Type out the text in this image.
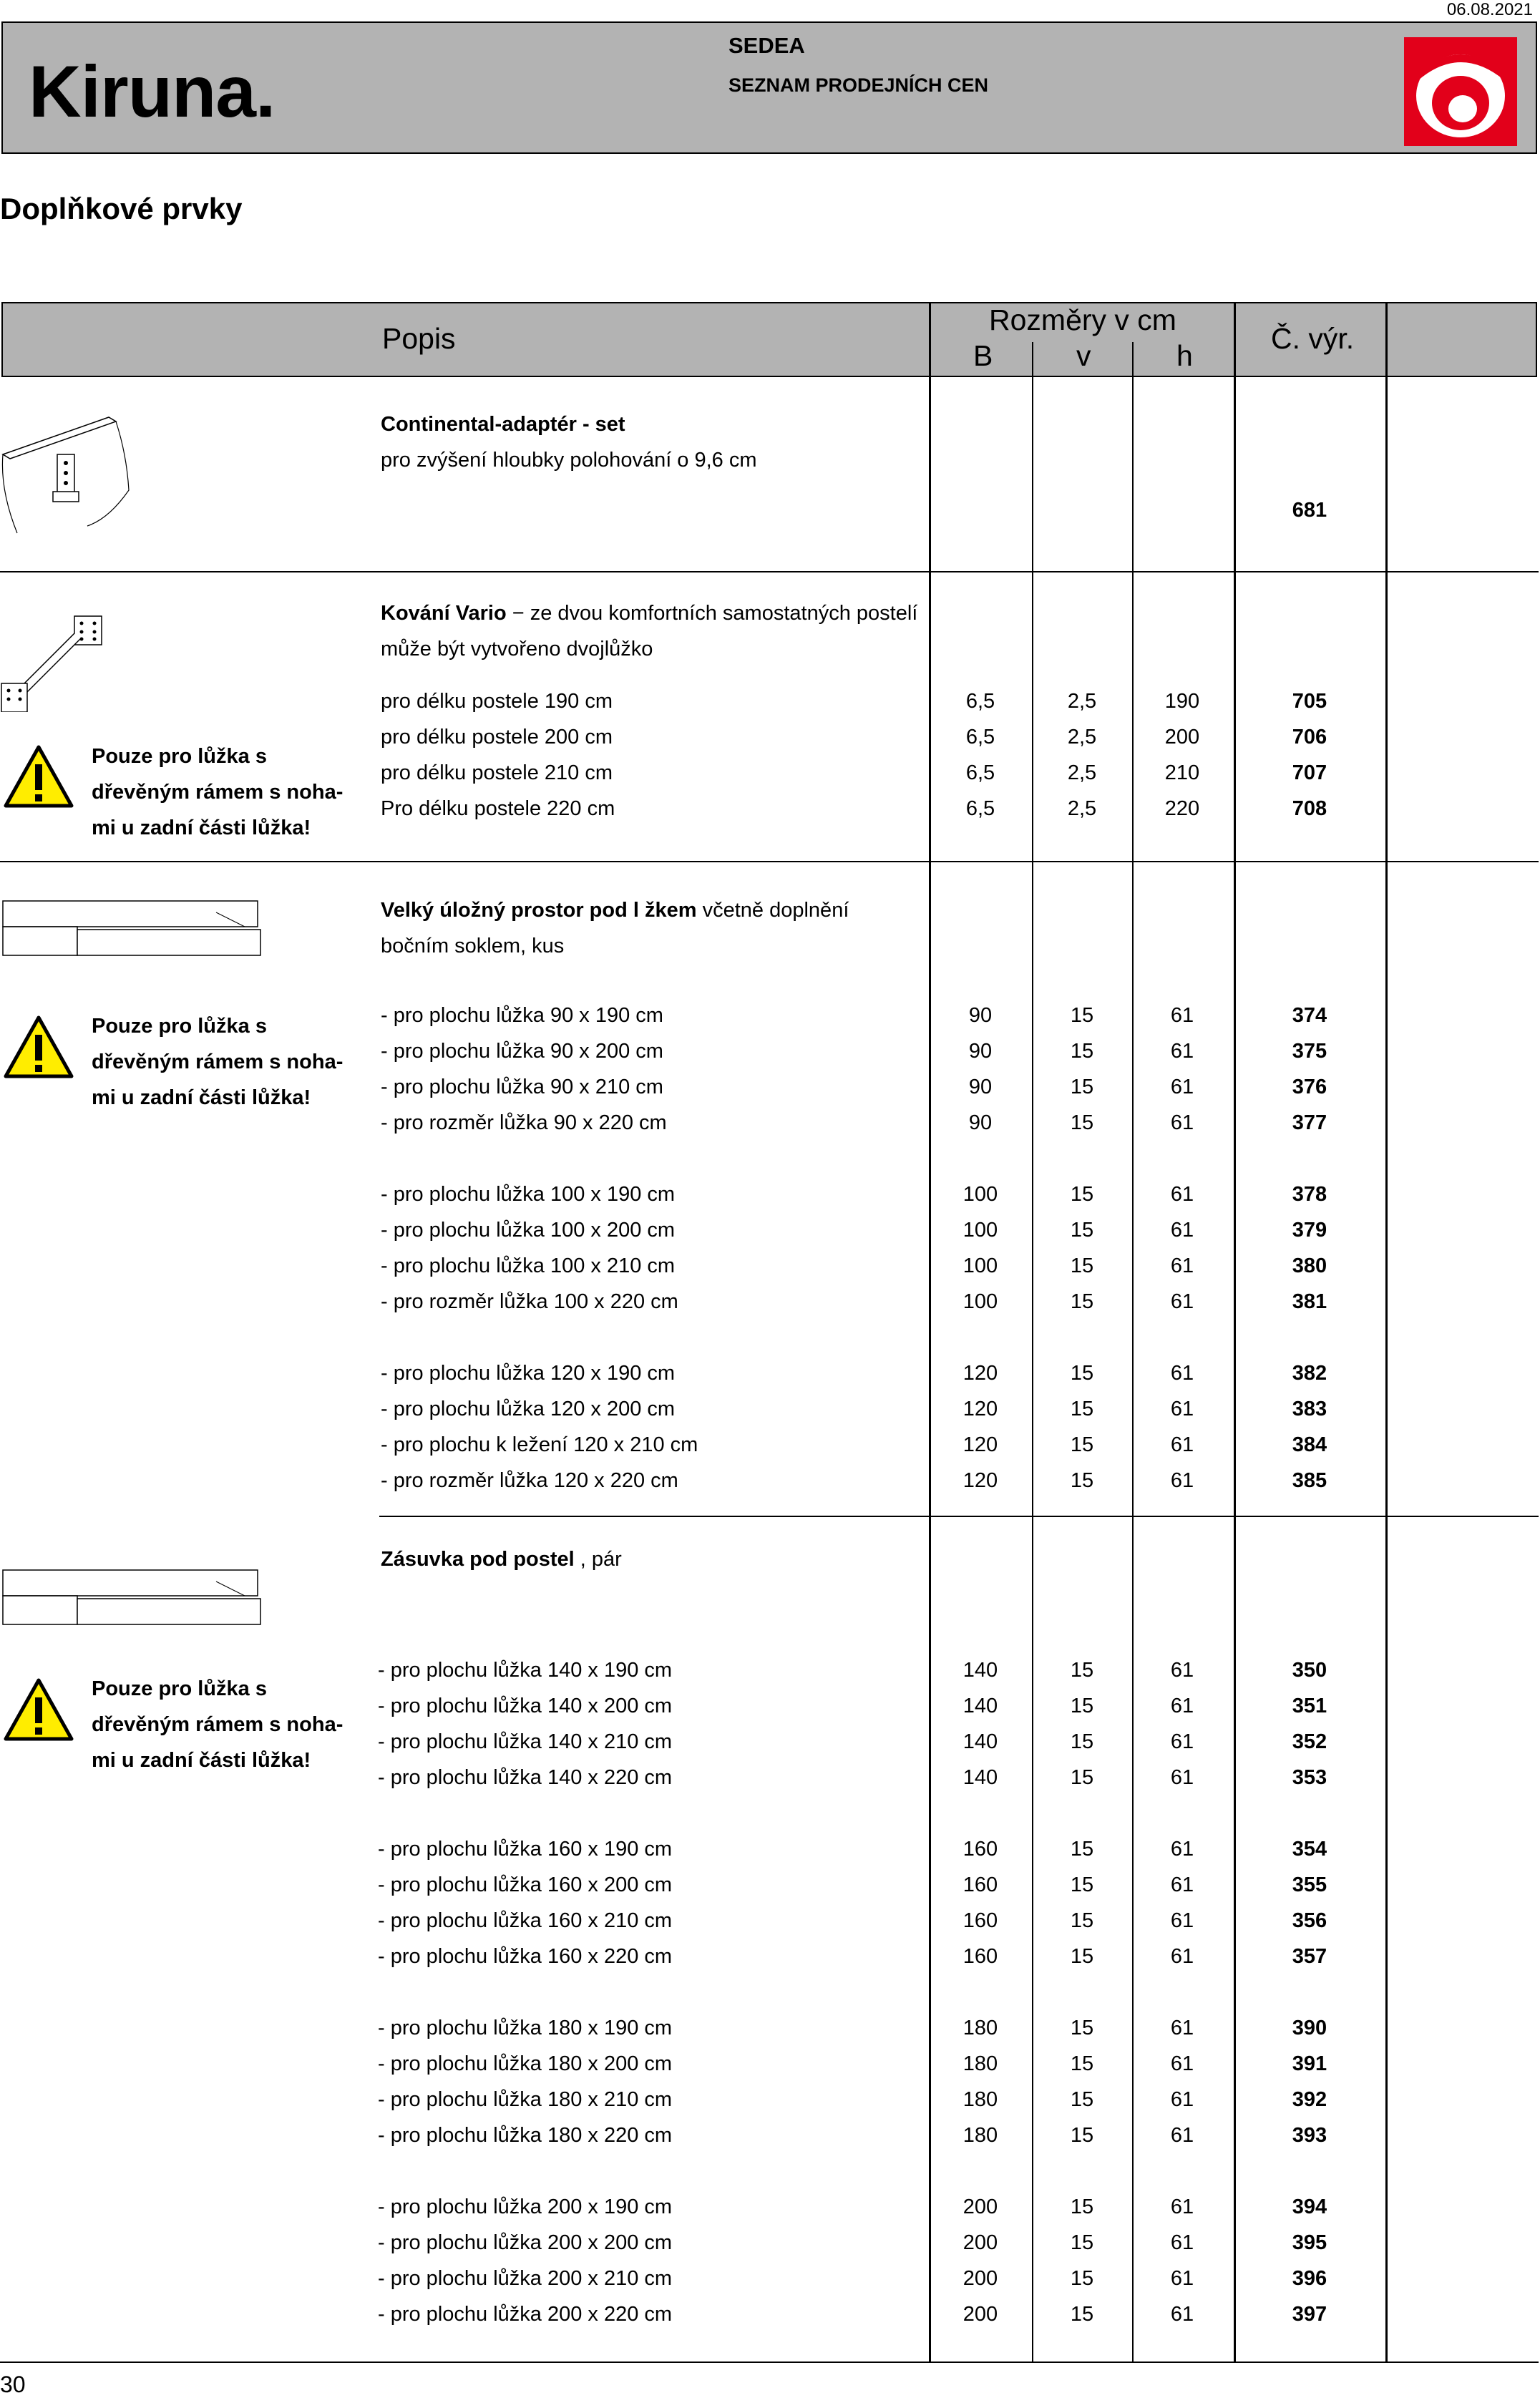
06.08.2021
Kiruna.
SEDEA
SEZNAM PRODEJNÍCH CEN
Doplňkové prvky
Popis
Rozměry v cm
B	v	h
Č. výr.
Continental-adaptér - set
pro zvýšení hloubky polohování o 9,6 cm
681
Pouze pro lůžka s
dřevěným rámem s noha-
mi u zadní části lůžka!
Kování Vario − ze dvou komfortních samostatných postelí
může být vytvořeno dvojlůžko
pro délku postele 190 cm	6,5	2,5	190	705
pro délku postele 200 cm	6,5	2,5	200	706
pro délku postele 210 cm	6,5	2,5	210	707
Pro délku postele 220 cm	6,5	2,5	220	708
Pouze pro lůžka s
dřevěným rámem s noha-
mi u zadní části lůžka!
Velký úložný prostor pod l žkem včetně doplnění
bočním soklem, kus
- pro plochu lůžka 90 x 190 cm	90	15	61	374
- pro plochu lůžka 90 x 200 cm	90	15	61	375
- pro plochu lůžka 90 x 210 cm	90	15	61	376
- pro rozměr lůžka 90 x 220 cm	90	15	61	377
- pro plochu lůžka 100 x 190 cm	100	15	61	378
- pro plochu lůžka 100 x 200 cm	100	15	61	379
- pro plochu lůžka 100 x 210 cm	100	15	61	380
- pro rozměr lůžka 100 x 220 cm	100	15	61	381
- pro plochu lůžka 120 x 190 cm	120	15	61	382
- pro plochu lůžka 120 x 200 cm	120	15	61	383
- pro plochu k ležení 120 x 210 cm	120	15	61	384
- pro rozměr lůžka 120 x 220 cm	120	15	61	385
Pouze pro lůžka s
dřevěným rámem s noha-
mi u zadní části lůžka!
Zásuvka pod postel , pár
- pro plochu lůžka 140 x 190 cm	140	15	61	350
- pro plochu lůžka 140 x 200 cm	140	15	61	351
- pro plochu lůžka 140 x 210 cm	140	15	61	352
- pro plochu lůžka 140 x 220 cm	140	15	61	353
- pro plochu lůžka 160 x 190 cm	160	15	61	354
- pro plochu lůžka 160 x 200 cm	160	15	61	355
- pro plochu lůžka 160 x 210 cm	160	15	61	356
- pro plochu lůžka 160 x 220 cm	160	15	61	357
- pro plochu lůžka 180 x 190 cm	180	15	61	390
- pro plochu lůžka 180 x 200 cm	180	15	61	391
- pro plochu lůžka 180 x 210 cm	180	15	61	392
- pro plochu lůžka 180 x 220 cm	180	15	61	393
- pro plochu lůžka 200 x 190 cm	200	15	61	394
- pro plochu lůžka 200 x 200 cm	200	15	61	395
- pro plochu lůžka 200 x 210 cm	200	15	61	396
- pro plochu lůžka 200 x 220 cm	200	15	61	397
30
